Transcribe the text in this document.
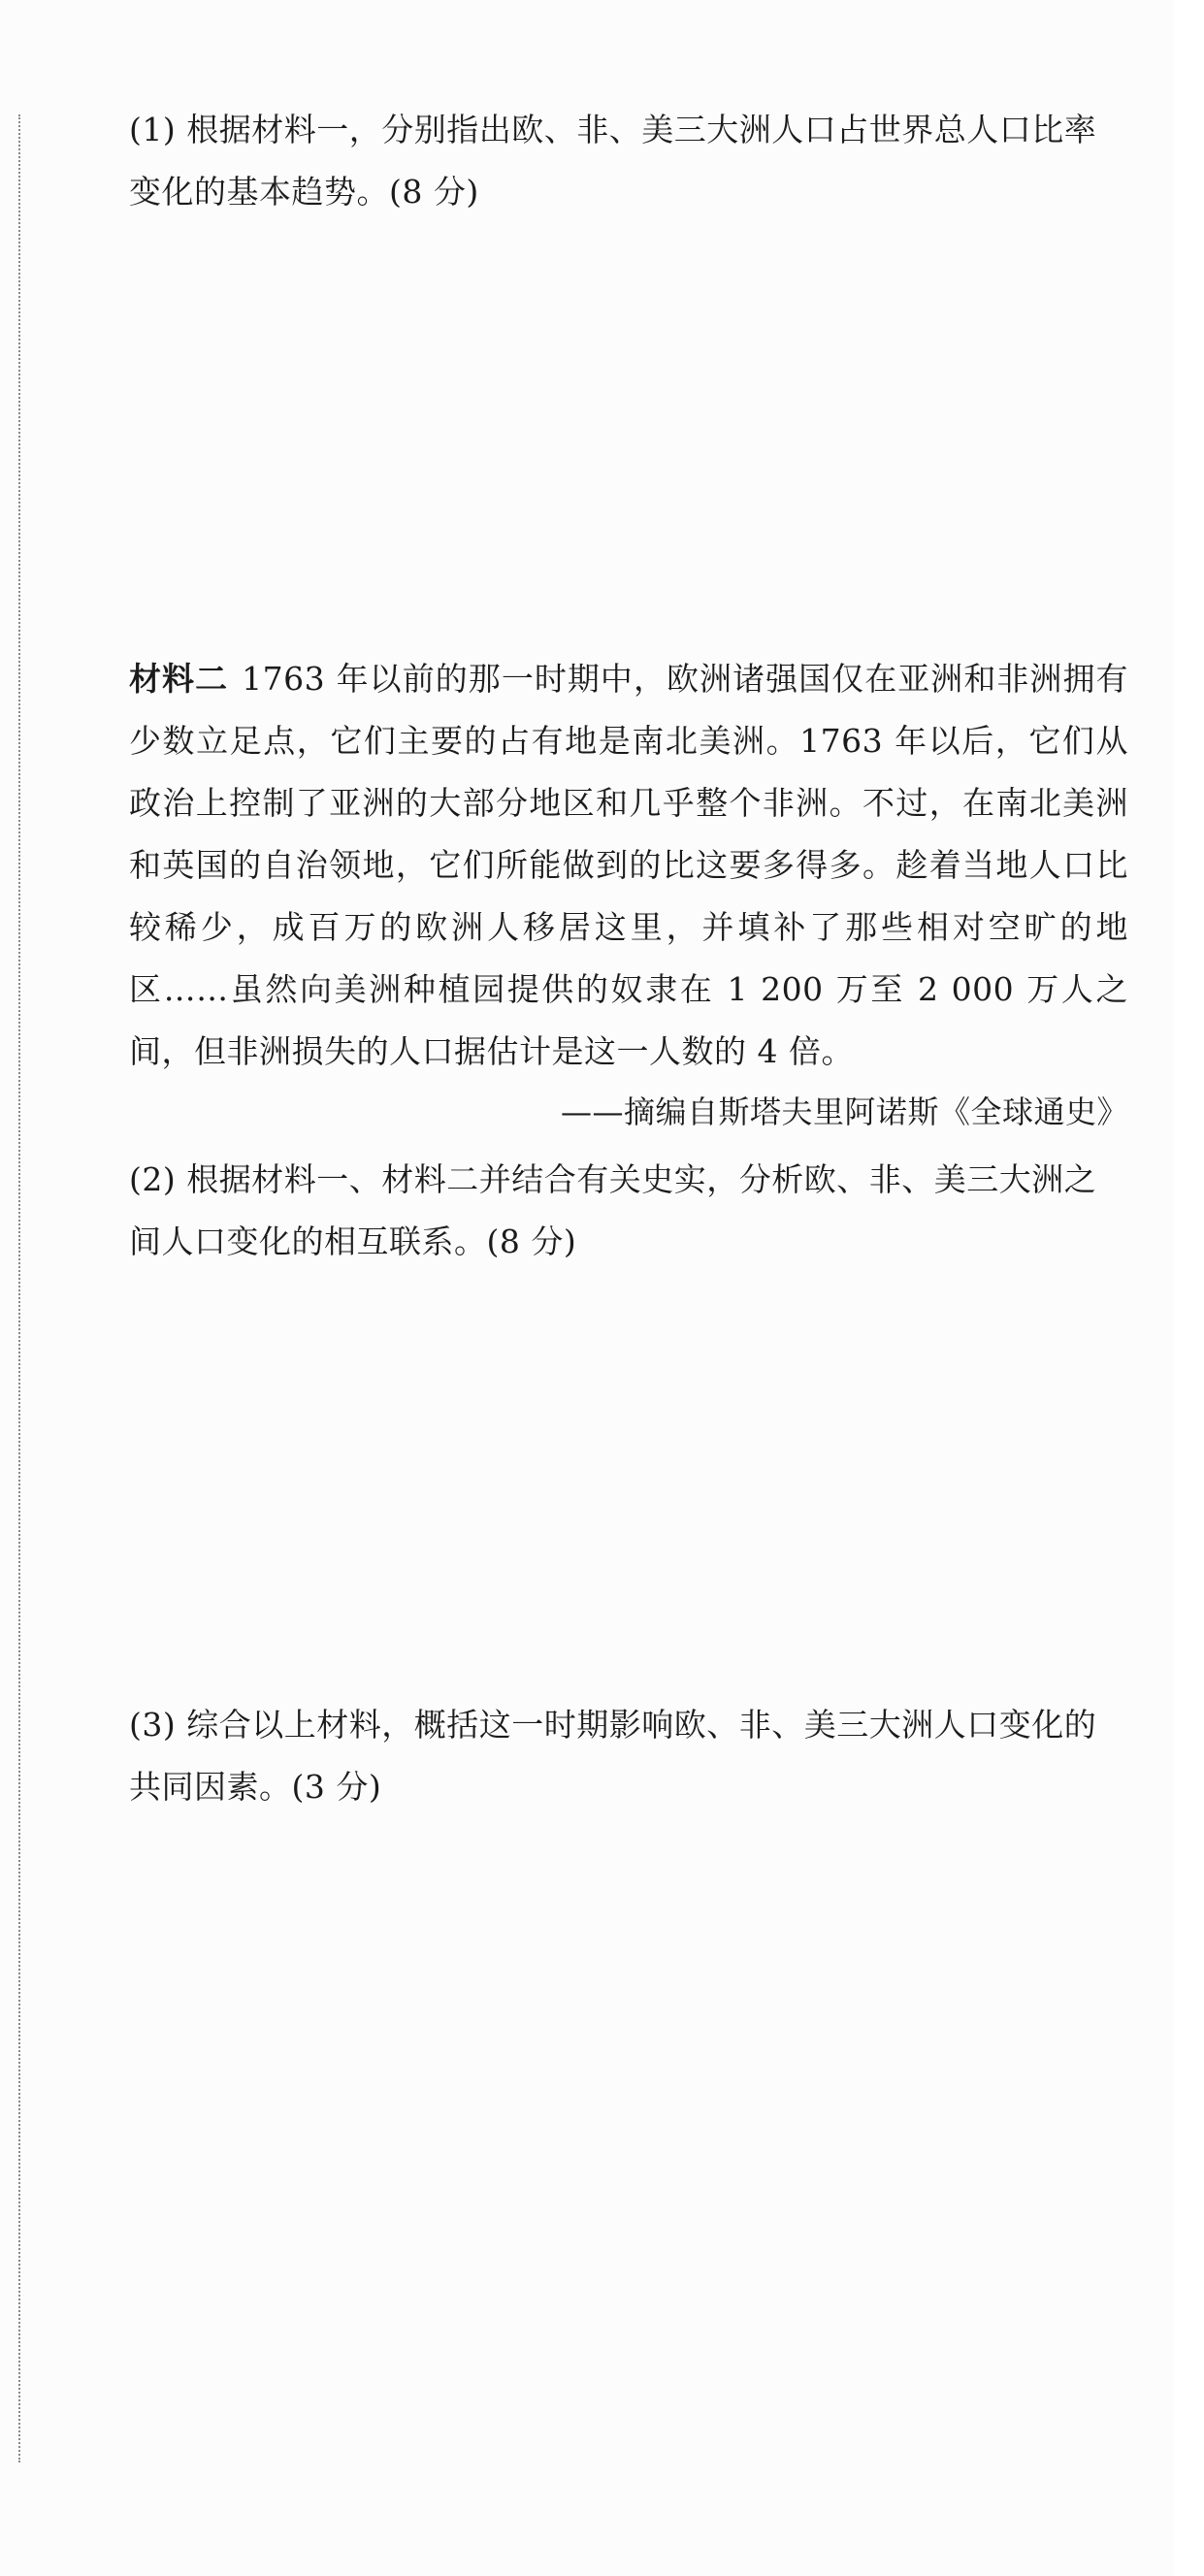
(1) 根据材料一，分别指出欧、非、美三大洲人口占世界总人口比率变化的基本趋势。(8 分)

材料二 1763 年以前的那一时期中，欧洲诸强国仅在亚洲和非洲拥有少数立足点，它们主要的占有地是南北美洲。1763 年以后，它们从政治上控制了亚洲的大部分地区和几乎整个非洲。不过，在南北美洲和英国的自治领地，它们所能做到的比这要多得多。趁着当地人口比较稀少，成百万的欧洲人移居这里，并填补了那些相对空旷的地区……虽然向美洲种植园提供的奴隶在 1 200 万至 2 000 万人之间，但非洲损失的人口据估计是这一人数的 4 倍。

——摘编自斯塔夫里阿诺斯《全球通史》

(2) 根据材料一、材料二并结合有关史实，分析欧、非、美三大洲之间人口变化的相互联系。(8 分)
(3) 综合以上材料，概括这一时期影响欧、非、美三大洲人口变化的共同因素。(3 分)
